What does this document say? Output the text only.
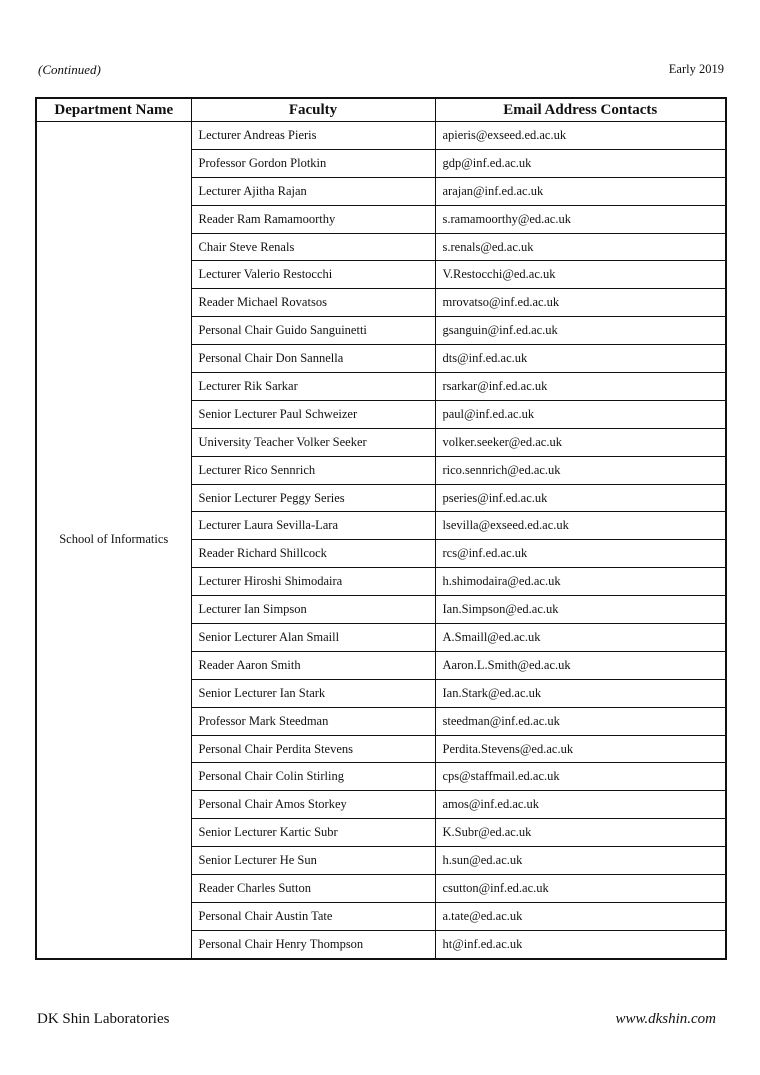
(Continued)	Early 2019
Department Name	Faculty	Email Address Contacts
School of Informatics	Lecturer Andreas Pieris	apieris@exseed.ed.ac.uk
	Professor Gordon Plotkin	gdp@inf.ed.ac.uk
	Lecturer Ajitha Rajan	arajan@inf.ed.ac.uk
	Reader Ram Ramamoorthy	s.ramamoorthy@ed.ac.uk
	Chair Steve Renals	s.renals@ed.ac.uk
	Lecturer Valerio Restocchi	V.Restocchi@ed.ac.uk
	Reader Michael Rovatsos	mrovatso@inf.ed.ac.uk
	Personal Chair Guido Sanguinetti	gsanguin@inf.ed.ac.uk
	Personal Chair Don Sannella	dts@inf.ed.ac.uk
	Lecturer Rik Sarkar	rsarkar@inf.ed.ac.uk
	Senior Lecturer Paul Schweizer	paul@inf.ed.ac.uk
	University Teacher Volker Seeker	volker.seeker@ed.ac.uk
	Lecturer Rico Sennrich	rico.sennrich@ed.ac.uk
	Senior Lecturer Peggy Series	pseries@inf.ed.ac.uk
	Lecturer Laura Sevilla-Lara	lsevilla@exseed.ed.ac.uk
	Reader Richard Shillcock	rcs@inf.ed.ac.uk
	Lecturer Hiroshi Shimodaira	h.shimodaira@ed.ac.uk
	Lecturer Ian Simpson	Ian.Simpson@ed.ac.uk
	Senior Lecturer Alan Smaill	A.Smaill@ed.ac.uk
	Reader Aaron Smith	Aaron.L.Smith@ed.ac.uk
	Senior Lecturer Ian Stark	Ian.Stark@ed.ac.uk
	Professor Mark Steedman	steedman@inf.ed.ac.uk
	Personal Chair Perdita Stevens	Perdita.Stevens@ed.ac.uk
	Personal Chair Colin Stirling	cps@staffmail.ed.ac.uk
	Personal Chair Amos Storkey	amos@inf.ed.ac.uk
	Senior Lecturer Kartic Subr	K.Subr@ed.ac.uk
	Senior Lecturer He Sun	h.sun@ed.ac.uk
	Reader Charles Sutton	csutton@inf.ed.ac.uk
	Personal Chair Austin Tate	a.tate@ed.ac.uk
	Personal Chair Henry Thompson	ht@inf.ed.ac.uk
DK Shin Laboratories	www.dkshin.com
